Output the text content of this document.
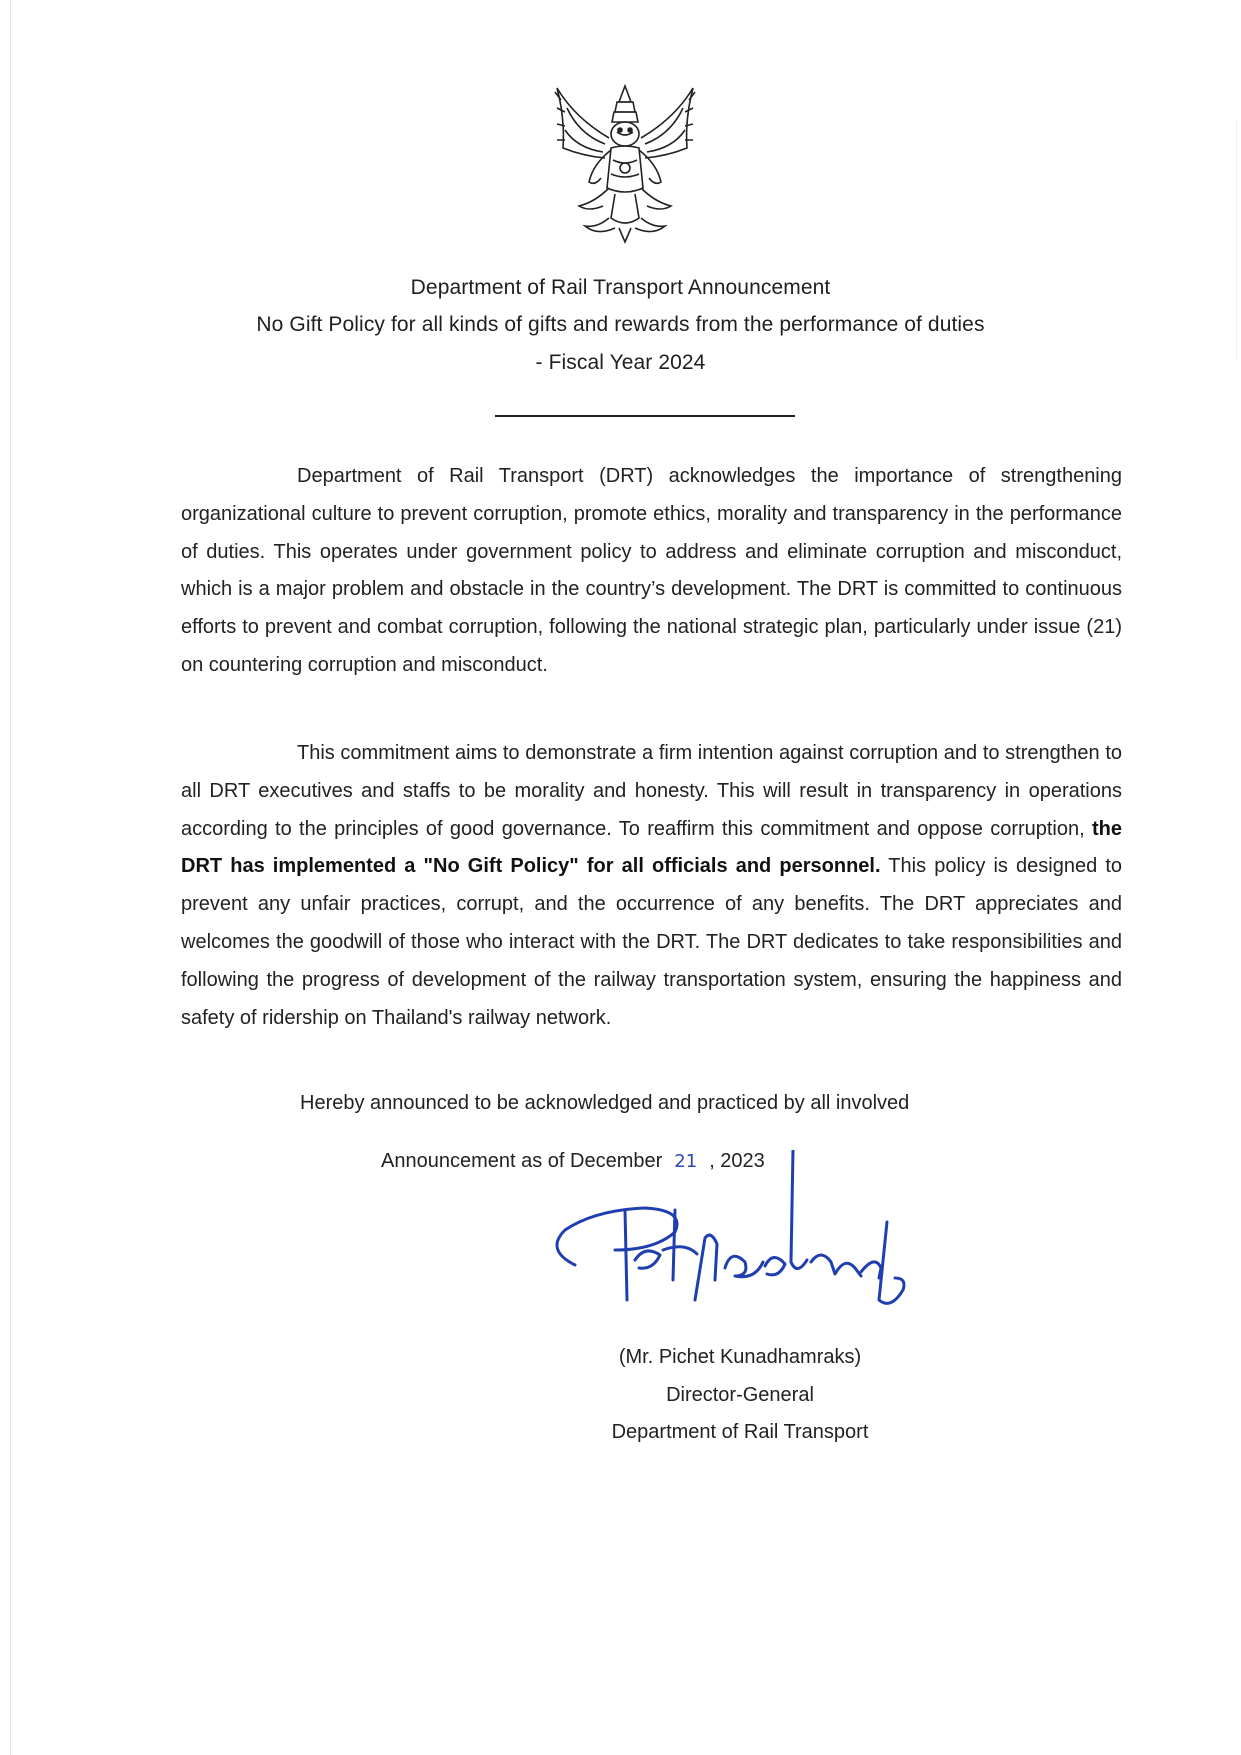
Department of Rail Transport Announcement
No Gift Policy for all kinds of gifts and rewards from the performance of duties
- Fiscal Year 2024

Department of Rail Transport (DRT) acknowledges the importance of strengthening organizational culture to prevent corruption, promote ethics, morality and transparency in the performance of duties. This operates under government policy to address and eliminate corruption and misconduct, which is a major problem and obstacle in the country’s development. The DRT is committed to continuous efforts to prevent and combat corruption, following the national strategic plan, particularly under issue (21) on countering corruption and misconduct.

This commitment aims to demonstrate a firm intention against corruption and to strengthen to all DRT executives and staffs to be morality and honesty. This will result in transparency in operations according to the principles of good governance. To reaffirm this commitment and oppose corruption, the DRT has implemented a "No Gift Policy" for all officials and personnel. This policy is designed to prevent any unfair practices, corrupt, and the occurrence of any benefits. The DRT appreciates and welcomes the goodwill of those who interact with the DRT. The DRT dedicates to take responsibilities and following the progress of development of the railway transportation system, ensuring the happiness and safety of ridership on Thailand's railway network.

Hereby announced to be acknowledged and practiced by all involved
Announcement as of December 21 , 2023
(Mr. Pichet Kunadhamraks)
Director-General
Department of Rail Transport
